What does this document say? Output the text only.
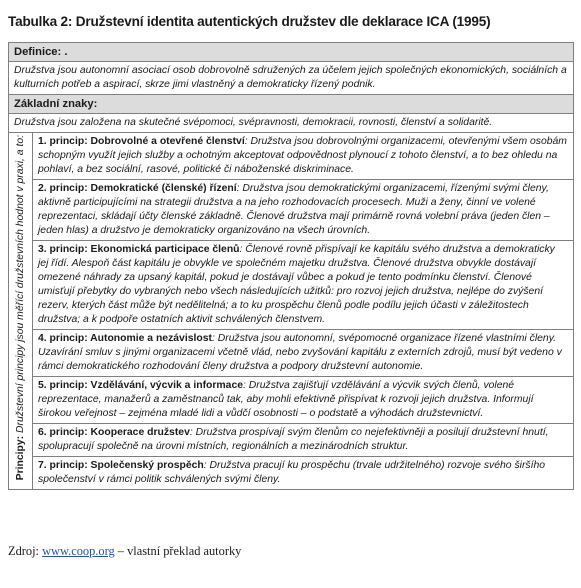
Tabulka 2: Družstevní identita autentických družstev dle deklarace ICA (1995)
Definice: .
Družstva jsou autonomní asociací osob dobrovolně sdružených za účelem jejich společných ekonomických, sociálních a kulturních potřeb a aspirací, skrze jimi vlastněný a demokraticky řízený podnik.
Základní znaky:
Družstva jsou založena na skutečné svépomoci, svépravnosti, demokracii, rovnosti, členství a solidaritě.

Principy: Družstevní principy jsou měřící družstevních hodnot v praxi, a to:	1. princip: Dobrovolné a otevřené členství: Družstva jsou dobrovolnými organizacemi, otevřenými všem osobám schopným využít jejich služby a ochotným akceptovat odpovědnost plynoucí z tohoto členství, a to bez ohledu na pohlaví, a bez sociální, rasové, politické či náboženské diskriminace.
2. princip: Demokratické (členské) řízení: Družstva jsou demokratickými organizacemi, řízenými svými členy, aktivně participujícími na strategii družstva a na jeho rozhodovacích procesech. Muži a ženy, činní ve volené reprezentaci, skládají účty členské základně. Členové družstva mají primárně rovná volební práva (jeden člen – jeden hlas) a družstvo je demokraticky organizováno na všech úrovních.
3. princip: Ekonomická participace členů: Členové rovně přispívají ke kapitálu svého družstva a demokraticky jej řídí. Alespoň část kapitálu je obvykle ve společném majetku družstva. Členové družstva obvykle dostávají omezené náhrady za upsaný kapitál, pokud je dostávají vůbec a pokud je tento podmínku členství. Členové umisťují přebytky do vybraných nebo všech následujících užitků: pro rozvoj jejich družstva, nejlépe do zvýšení rezerv, kterých část může být nedělitelná; a to ku prospěchu členů podle podílu jejich účasti v záležitostech družstva; a k podpoře ostatních aktivit schválených členstvem.
4. princip: Autonomie a nezávislost: Družstva jsou autonomní, svépomocné organizace řízené vlastními členy. Uzavírání smluv s jinými organizacemi včetně vlád, nebo zvyšování kapitálu z externích zdrojů, musí být vedeno v rámci demokratického rozhodování členy družstva a podpory družstevní autonomie.
5. princip: Vzdělávání, výcvik a informace: Družstva zajišťují vzdělávání a výcvik svých členů, volené reprezentace, manažerů a zaměstnanců tak, aby mohli efektivně přispívat k rozvoji jejich družstva. Informují širokou veřejnost – zejména mladé lidi a vůdčí osobnosti – o podstatě a výhodách družstevnictví.
6. princip: Kooperace družstev: Družstva prospívají svým členům co nejefektivněji a posilují družstevní hnutí, spolupracují společně na úrovni místních, regionálních a mezinárodních struktur.
7. princip: Společenský prospěch: Družstva pracují ku prospěchu (trvale udržitelného) rozvoje svého širšího společenství v rámci politik schválených svými členy.
Zdroj: www.coop.org – vlastní překlad autorky
